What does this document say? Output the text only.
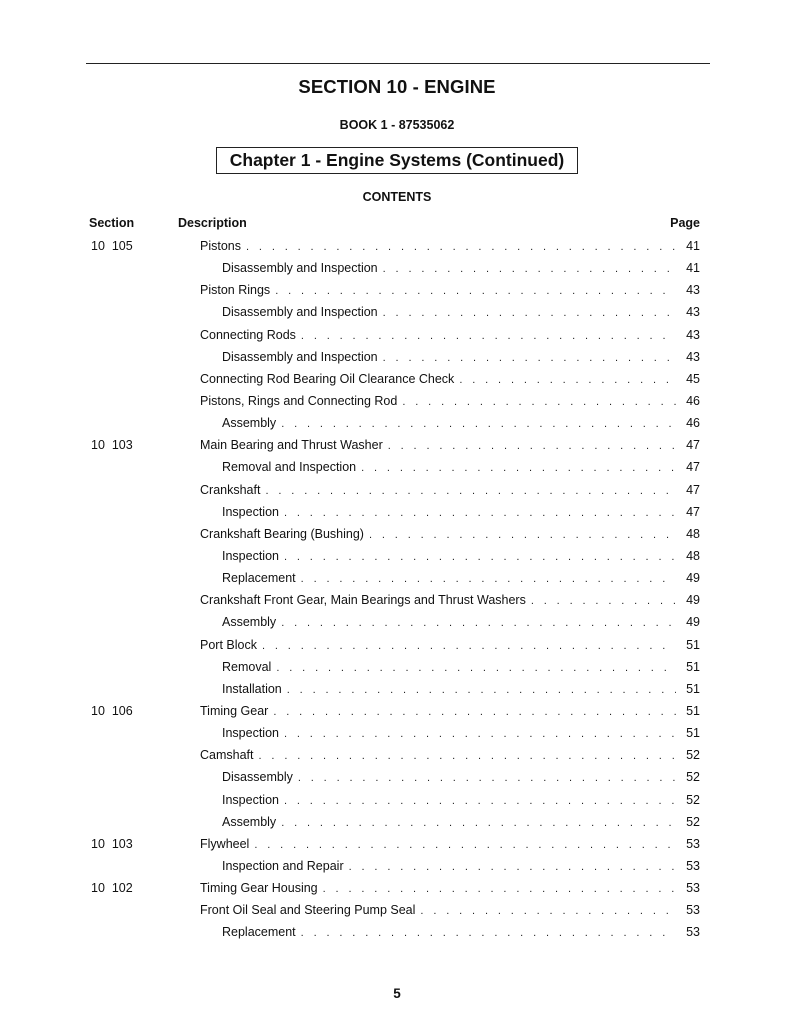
SECTION 10 - ENGINE
BOOK 1 - 87535062
Chapter 1 - Engine Systems (Continued)
CONTENTS
Section	Description	Page
10  105	Pistons . . .	41
Disassembly and Inspection . . .	41
Piston Rings . . .	43
Disassembly and Inspection . . .	43
Connecting Rods . . .	43
Disassembly and Inspection . . .	43
Connecting Rod Bearing Oil Clearance Check . . .	45
Pistons, Rings and Connecting Rod . . .	46
Assembly . . .	46
10  103	Main Bearing and Thrust Washer . . .	47
Removal and Inspection . . .	47
Crankshaft . . .	47
Inspection . . .	47
Crankshaft Bearing (Bushing) . . .	48
Inspection . . .	48
Replacement . . .	49
Crankshaft Front Gear, Main Bearings and Thrust Washers . . .	49
Assembly . . .	49
Port Block . . .	51
Removal . . .	51
Installation . . .	51
10  106	Timing Gear . . .	51
Inspection . . .	51
Camshaft . . .	52
Disassembly . . .	52
Inspection . . .	52
Assembly . . .	52
10  103	Flywheel . . .	53
Inspection and Repair . . .	53
10  102	Timing Gear Housing . . .	53
Front Oil Seal and Steering Pump Seal . . .	53
Replacement . . .	53
5
